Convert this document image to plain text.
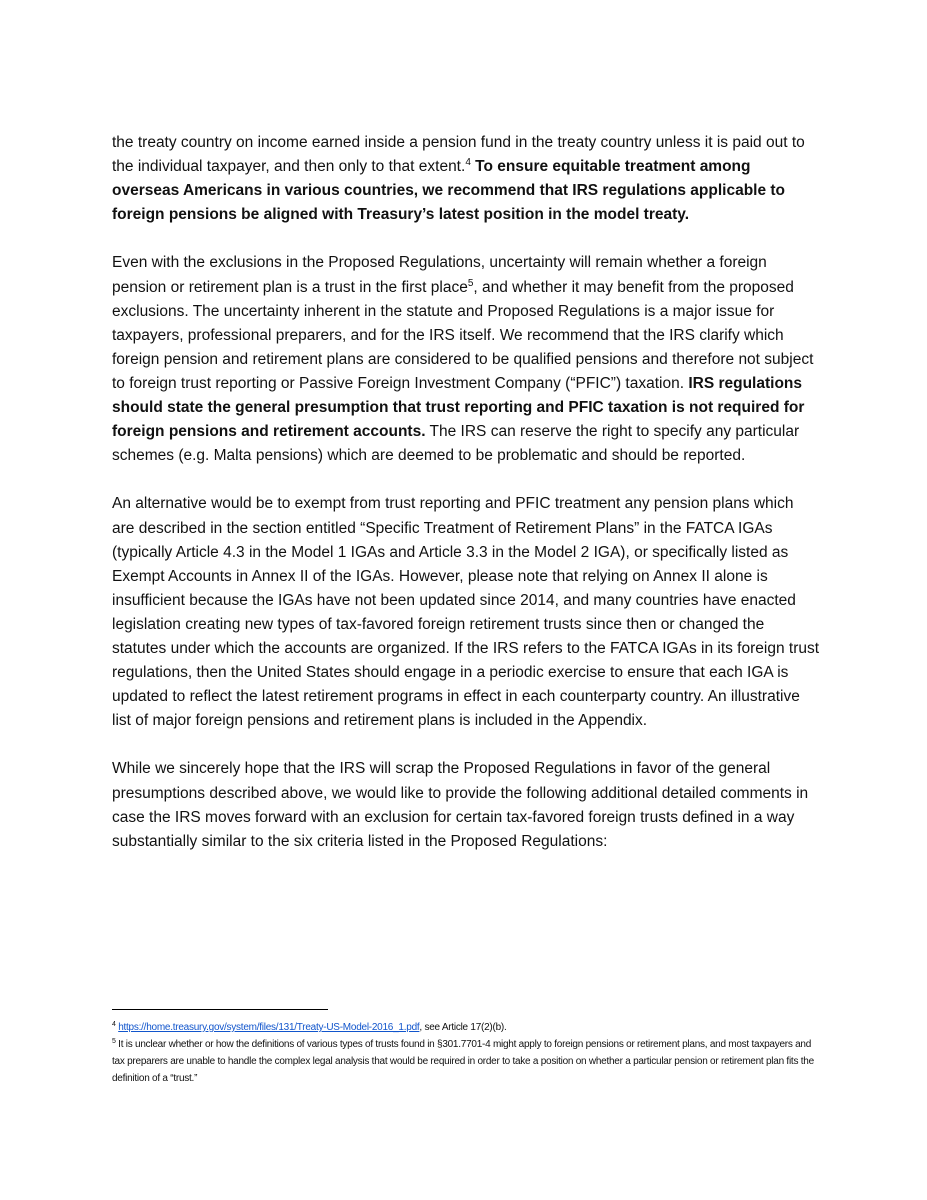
the treaty country on income earned inside a pension fund in the treaty country unless it is paid out to the individual taxpayer, and then only to that extent.$^4$ To ensure equitable treatment among overseas Americans in various countries, we recommend that IRS regulations applicable to foreign pensions be aligned with Treasury’s latest position in the model treaty.

Even with the exclusions in the Proposed Regulations, uncertainty will remain whether a foreign pension or retirement plan is a trust in the first place$^5$, and whether it may benefit from the proposed exclusions. The uncertainty inherent in the statute and Proposed Regulations is a major issue for taxpayers, professional preparers, and for the IRS itself. We recommend that the IRS clarify which foreign pension and retirement plans are considered to be qualified pensions and therefore not subject to foreign trust reporting or Passive Foreign Investment Company (“PFIC”) taxation. IRS regulations should state the general presumption that trust reporting and PFIC taxation is not required for foreign pensions and retirement accounts. The IRS can reserve the right to specify any particular schemes (e.g. Malta pensions) which are deemed to be problematic and should be reported.

An alternative would be to exempt from trust reporting and PFIC treatment any pension plans which are described in the section entitled “Specific Treatment of Retirement Plans” in the FATCA IGAs (typically Article 4.3 in the Model 1 IGAs and Article 3.3 in the Model 2 IGA), or specifically listed as Exempt Accounts in Annex II of the IGAs. However, please note that relying on Annex II alone is insufficient because the IGAs have not been updated since 2014, and many countries have enacted legislation creating new types of tax-favored foreign retirement trusts since then or changed the statutes under which the accounts are organized. If the IRS refers to the FATCA IGAs in its foreign trust regulations, then the United States should engage in a periodic exercise to ensure that each IGA is updated to reflect the latest retirement programs in effect in each counterparty country. An illustrative list of major foreign pensions and retirement plans is included in the Appendix.

While we sincerely hope that the IRS will scrap the Proposed Regulations in favor of the general presumptions described above, we would like to provide the following additional detailed comments in case the IRS moves forward with an exclusion for certain tax-favored foreign trusts defined in a way substantially similar to the six criteria listed in the Proposed Regulations:

$^4$ https://home.treasury.gov/system/files/131/Treaty-US-Model-2016_1.pdf, see Article 17(2)(b).

$^5$ It is unclear whether or how the definitions of various types of trusts found in §301.7701-4 might apply to foreign pensions or retirement plans, and most taxpayers and tax preparers are unable to handle the complex legal analysis that would be required in order to take a position on whether a particular pension or retirement plan fits the definition of a “trust.”
